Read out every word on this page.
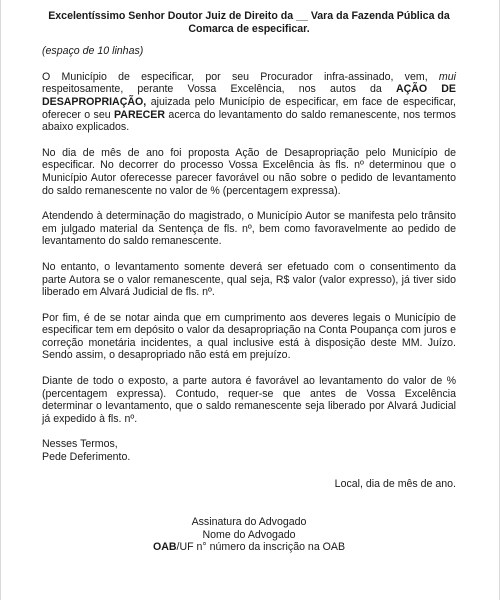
Excelentíssimo Senhor Doutor Juiz de Direito da __ Vara da Fazenda Pública da Comarca de especificar.
(espaço de 10 linhas)

O Município de especificar, por seu Procurador infra-assinado, vem, mui respeitosamente, perante Vossa Excelência, nos autos da AÇÃO DE DESAPROPRIAÇÃO, ajuizada pelo Município de especificar, em face de especificar, oferecer o seu PARECER acerca do levantamento do saldo remanescente, nos termos abaixo explicados.

No dia de mês de ano foi proposta Ação de Desapropriação pelo Município de especificar. No decorrer do processo Vossa Excelência às fls. nº determinou que o Município Autor oferecesse parecer favorável ou não sobre o pedido de levantamento do saldo remanescente no valor de % (percentagem expressa).

Atendendo à determinação do magistrado, o Município Autor se manifesta pelo trânsito em julgado material da Sentença de fls. nº, bem como favoravelmente ao pedido de levantamento do saldo remanescente.

No entanto, o levantamento somente deverá ser efetuado com o consentimento da parte Autora se o valor remanescente, qual seja, R$ valor (valor expresso), já tiver sido liberado em Alvará Judicial de fls. nº.

Por fim, é de se notar ainda que em cumprimento aos deveres legais o Município de especificar tem em depósito o valor da desapropriação na Conta Poupança com juros e correção monetária incidentes, a qual inclusive está à disposição deste MM. Juízo. Sendo assim, o desapropriado não está em prejuízo.

Diante de todo o exposto, a parte autora é favorável ao levantamento do valor de % (percentagem expressa). Contudo, requer-se que antes de Vossa Excelência determinar o levantamento, que o saldo remanescente seja liberado por Alvará Judicial já expedido à fls. nº.

Nesses Termos,
Pede Deferimento.
Local, dia de mês de ano.
Assinatura do Advogado
Nome do Advogado
OAB/UF n° número da inscrição na OAB
